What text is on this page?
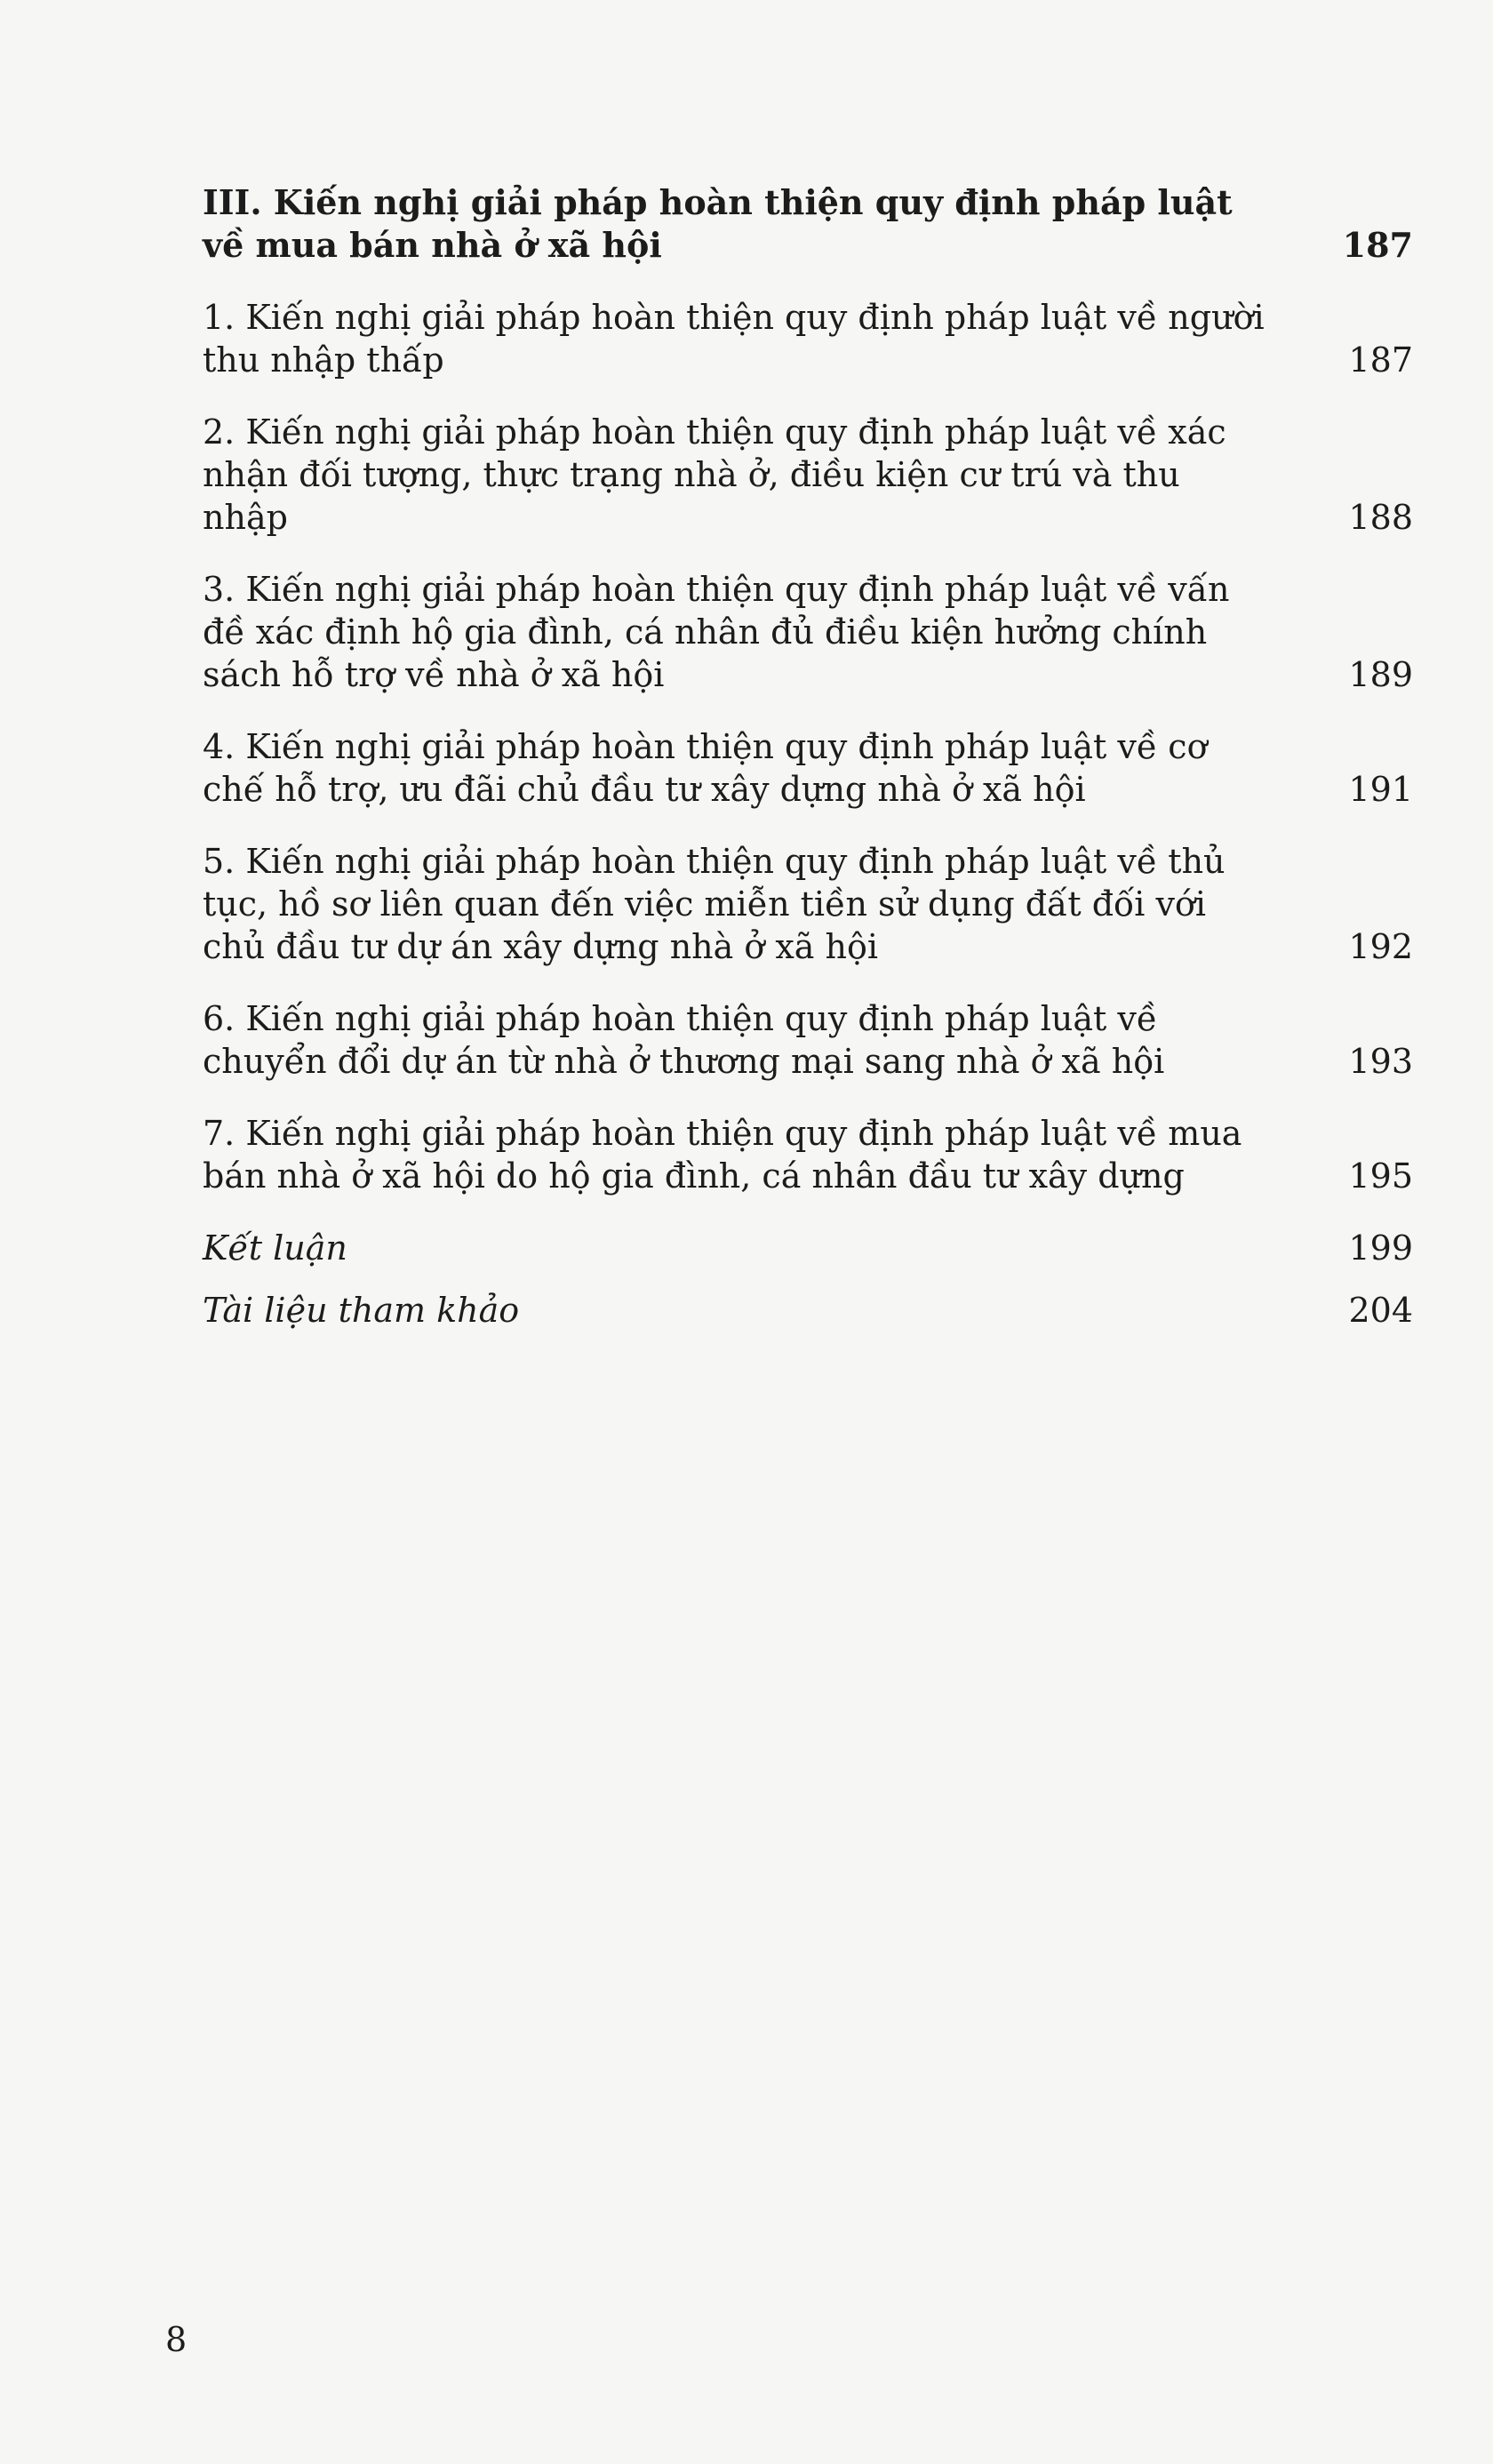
III. Kiến nghị giải pháp hoàn thiện quy định pháp luật về mua bán nhà ở xã hội	187
1. Kiến nghị giải pháp hoàn thiện quy định pháp luật về người thu nhập thấp	187
2. Kiến nghị giải pháp hoàn thiện quy định pháp luật về xác nhận đối tượng, thực trạng nhà ở, điều kiện cư trú và thu nhập	188
3. Kiến nghị giải pháp hoàn thiện quy định pháp luật về vấn đề xác định hộ gia đình, cá nhân đủ điều kiện hưởng chính sách hỗ trợ về nhà ở xã hội	189
4. Kiến nghị giải pháp hoàn thiện quy định pháp luật về cơ chế hỗ trợ, ưu đãi chủ đầu tư xây dựng nhà ở xã hội	191
5. Kiến nghị giải pháp hoàn thiện quy định pháp luật về thủ tục, hồ sơ liên quan đến việc miễn tiền sử dụng đất đối với chủ đầu tư dự án xây dựng nhà ở xã hội	192
6. Kiến nghị giải pháp hoàn thiện quy định pháp luật về chuyển đổi dự án từ nhà ở thương mại sang nhà ở xã hội	193
7. Kiến nghị giải pháp hoàn thiện quy định pháp luật về mua bán nhà ở xã hội do hộ gia đình, cá nhân đầu tư xây dựng	195
Kết luận	199
Tài liệu tham khảo	204
8
